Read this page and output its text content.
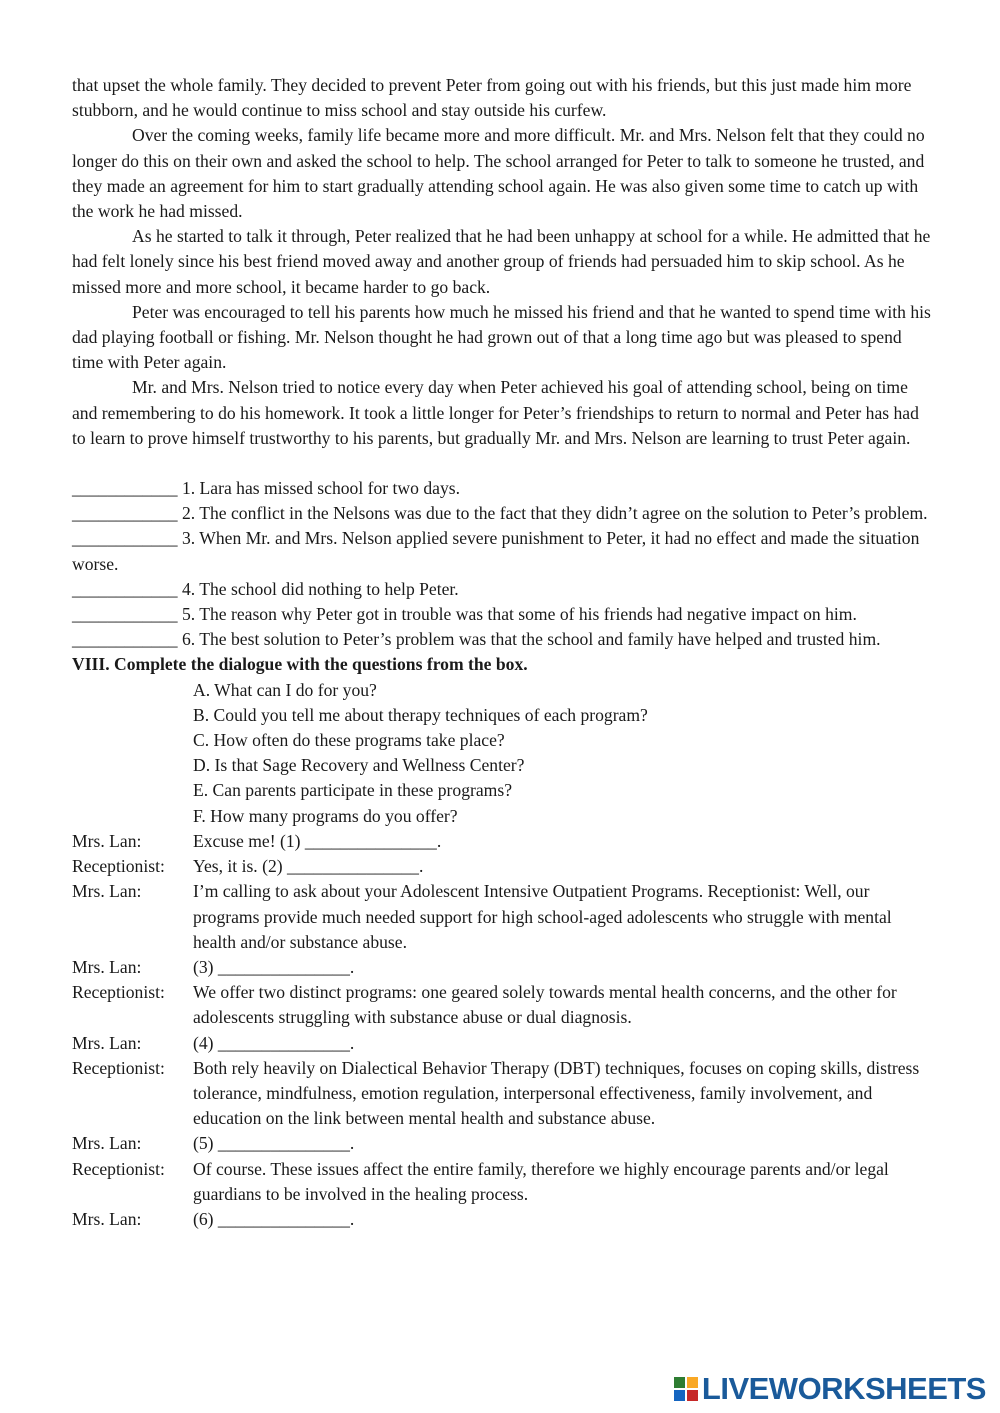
that upset the whole family. They decided to prevent Peter from going out with his friends, but this just made him more stubborn, and he would continue to miss school and stay outside his curfew.

Over the coming weeks, family life became more and more difficult. Mr. and Mrs. Nelson felt that they could no longer do this on their own and asked the school to help. The school arranged for Peter to talk to someone he trusted, and they made an agreement for him to start gradually attending school again. He was also given some time to catch up with the work he had missed.

As he started to talk it through, Peter realized that he had been unhappy at school for a while. He admitted that he had felt lonely since his best friend moved away and another group of friends had persuaded him to skip school. As he missed more and more school, it became harder to go back.

Peter was encouraged to tell his parents how much he missed his friend and that he wanted to spend time with his dad playing football or fishing. Mr. Nelson thought he had grown out of that a long time ago but was pleased to spend time with Peter again.

Mr. and Mrs. Nelson tried to notice every day when Peter achieved his goal of attending school, being on time and remembering to do his homework. It took a little longer for Peter’s friendships to return to normal and Peter has had to learn to prove himself trustworthy to his parents, but gradually Mr. and Mrs. Nelson are learning to trust Peter again.

____________ 1. Lara has missed school for two days.

____________ 2. The conflict in the Nelsons was due to the fact that they didn’t agree on the solution to Peter’s problem.

____________ 3. When Mr. and Mrs. Nelson applied severe punishment to Peter, it had no effect and made the situation worse.

____________ 4. The school did nothing to help Peter.

____________ 5. The reason why Peter got in trouble was that some of his friends had negative impact on him.

____________ 6. The best solution to Peter’s problem was that the school and family have helped and trusted him.

VIII. Complete the dialogue with the questions from the box.

A. What can I do for you?

B. Could you tell me about therapy techniques of each program?

C. How often do these programs take place?

D. Is that Sage Recovery and Wellness Center?

E. Can parents participate in these programs?

F. How many programs do you offer?

Mrs. Lan:	Excuse me! (1) _______________.
Receptionist:	Yes, it is. (2) _______________.
Mrs. Lan:	I’m calling to ask about your Adolescent Intensive Outpatient Programs. Receptionist: Well, our programs provide much needed support for high school-aged adolescents who struggle with mental health and/or substance abuse.
Mrs. Lan:	(3) _______________.
Receptionist:	We offer two distinct programs: one geared solely towards mental health concerns, and the other for adolescents struggling with substance abuse or dual diagnosis.
Mrs. Lan:	(4) _______________.
Receptionist:	Both rely heavily on Dialectical Behavior Therapy (DBT) techniques, focuses on coping skills, distress tolerance, mindfulness, emotion regulation, interpersonal effectiveness, family involvement, and education on the link between mental health and substance abuse.
Mrs. Lan:	(5) _______________.
Receptionist:	Of course. These issues affect the entire family, therefore we highly encourage parents and/or legal guardians to be involved in the healing process.
Mrs. Lan:	(6) _______________.
LIVEWORKSHEETS
